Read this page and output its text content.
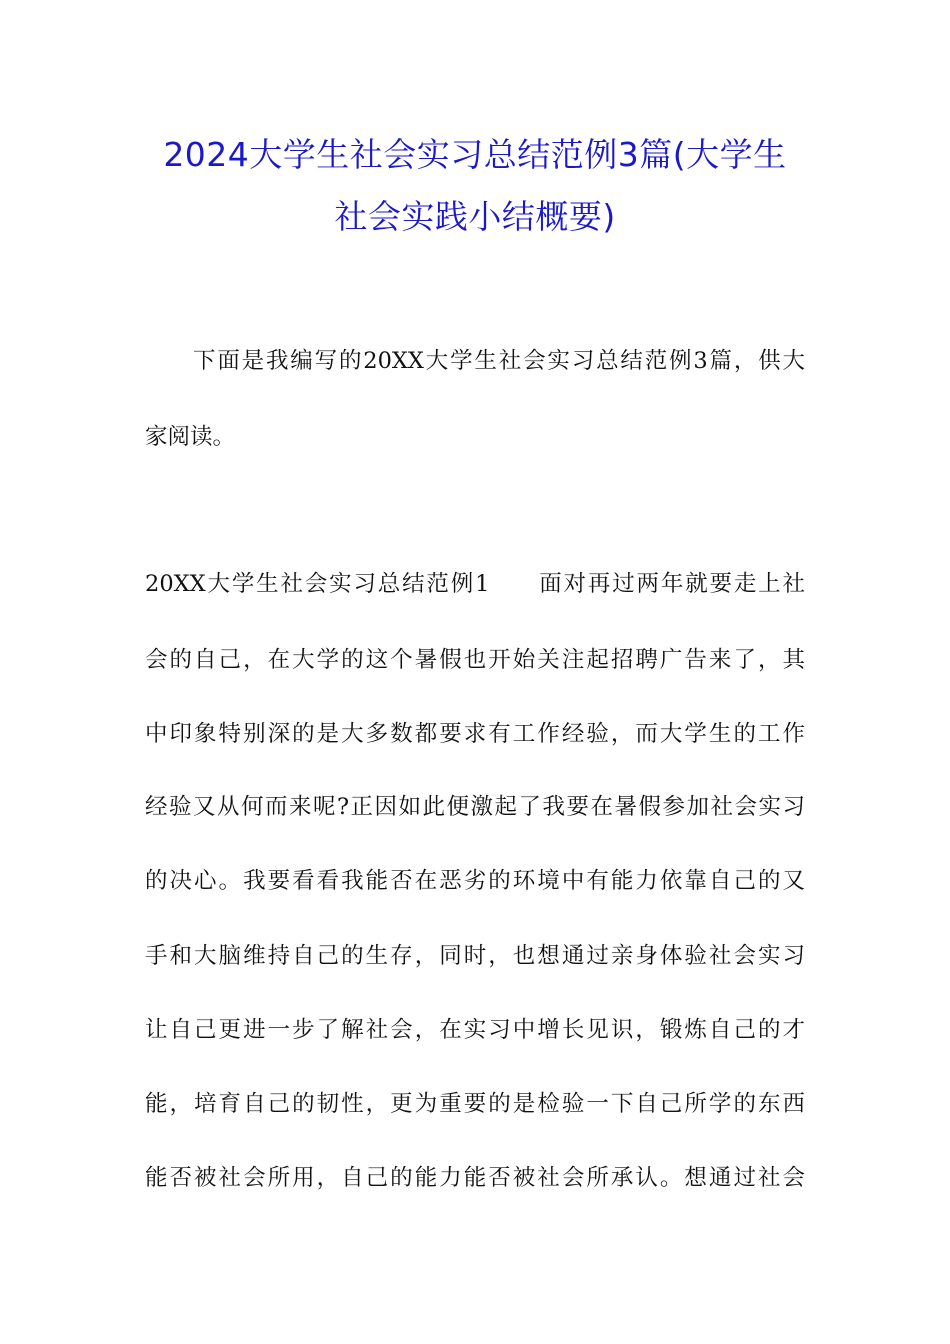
2024大学生社会实习总结范例3篇(大学生
社会实践小结概要)
下面是我编写的20XX大学生社会实习总结范例3篇，供大
家阅读。
20XX大学生社会实习总结范例1 面对再过两年就要走上社
会的自己，在大学的这个暑假也开始关注起招聘广告来了，其
中印象特别深的是大多数都要求有工作经验，而大学生的工作
经验又从何而来呢?正因如此便激起了我要在暑假参加社会实习
的决心。我要看看我能否在恶劣的环境中有能力依靠自己的又
手和大脑维持自己的生存，同时，也想通过亲身体验社会实习
让自己更进一步了解社会，在实习中增长见识，锻炼自己的才
能，培育自己的韧性，更为重要的是检验一下自己所学的东西
能否被社会所用，自己的能力能否被社会所承认。想通过社会
